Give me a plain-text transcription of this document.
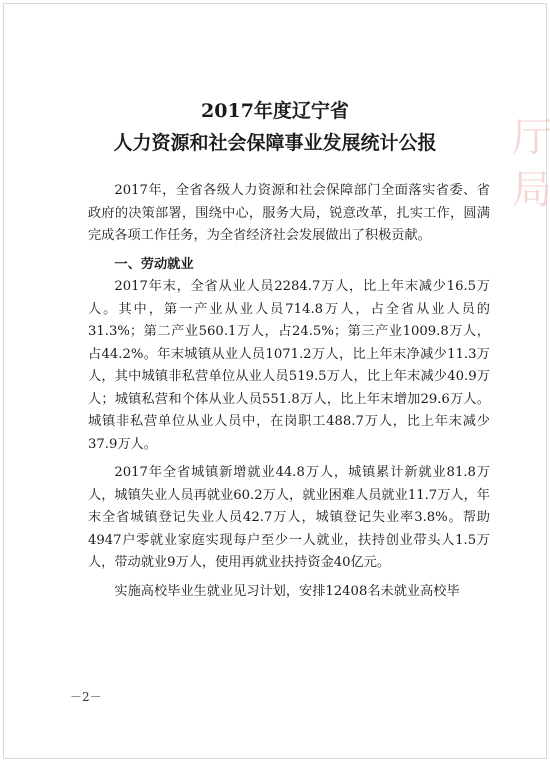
厅
局
2017年度辽宁省
人力资源和社会保障事业发展统计公报

2017年，全省各级人力资源和社会保障部门全面落实省委、省政府的决策部署，围绕中心，服务大局，锐意改革，扎实工作，圆满完成各项工作任务，为全省经济社会发展做出了积极贡献。

一、劳动就业

2017年末，全省从业人员2284.7万人，比上年末减少16.5万人。其中，第一产业从业人员714.8万人，占全省从业人员的31.3%；第二产业560.1万人，占24.5%；第三产业1009.8万人，占44.2%。年末城镇从业人员1071.2万人，比上年末净减少11.3万人，其中城镇非私营单位从业人员519.5万人，比上年末减少40.9万人；城镇私营和个体从业人员551.8万人，比上年末增加29.6万人。城镇非私营单位从业人员中，在岗职工488.7万人，比上年末减少37.9万人。

2017年全省城镇新增就业44.8万人，城镇累计新就业81.8万人，城镇失业人员再就业60.2万人，就业困难人员就业11.7万人，年末全省城镇登记失业人员42.7万人，城镇登记失业率3.8%。帮助4947户零就业家庭实现每户至少一人就业，扶持创业带头人1.5万人，带动就业9万人，使用再就业扶持资金40亿元。

实施高校毕业生就业见习计划，安排12408名未就业高校毕

－2－
